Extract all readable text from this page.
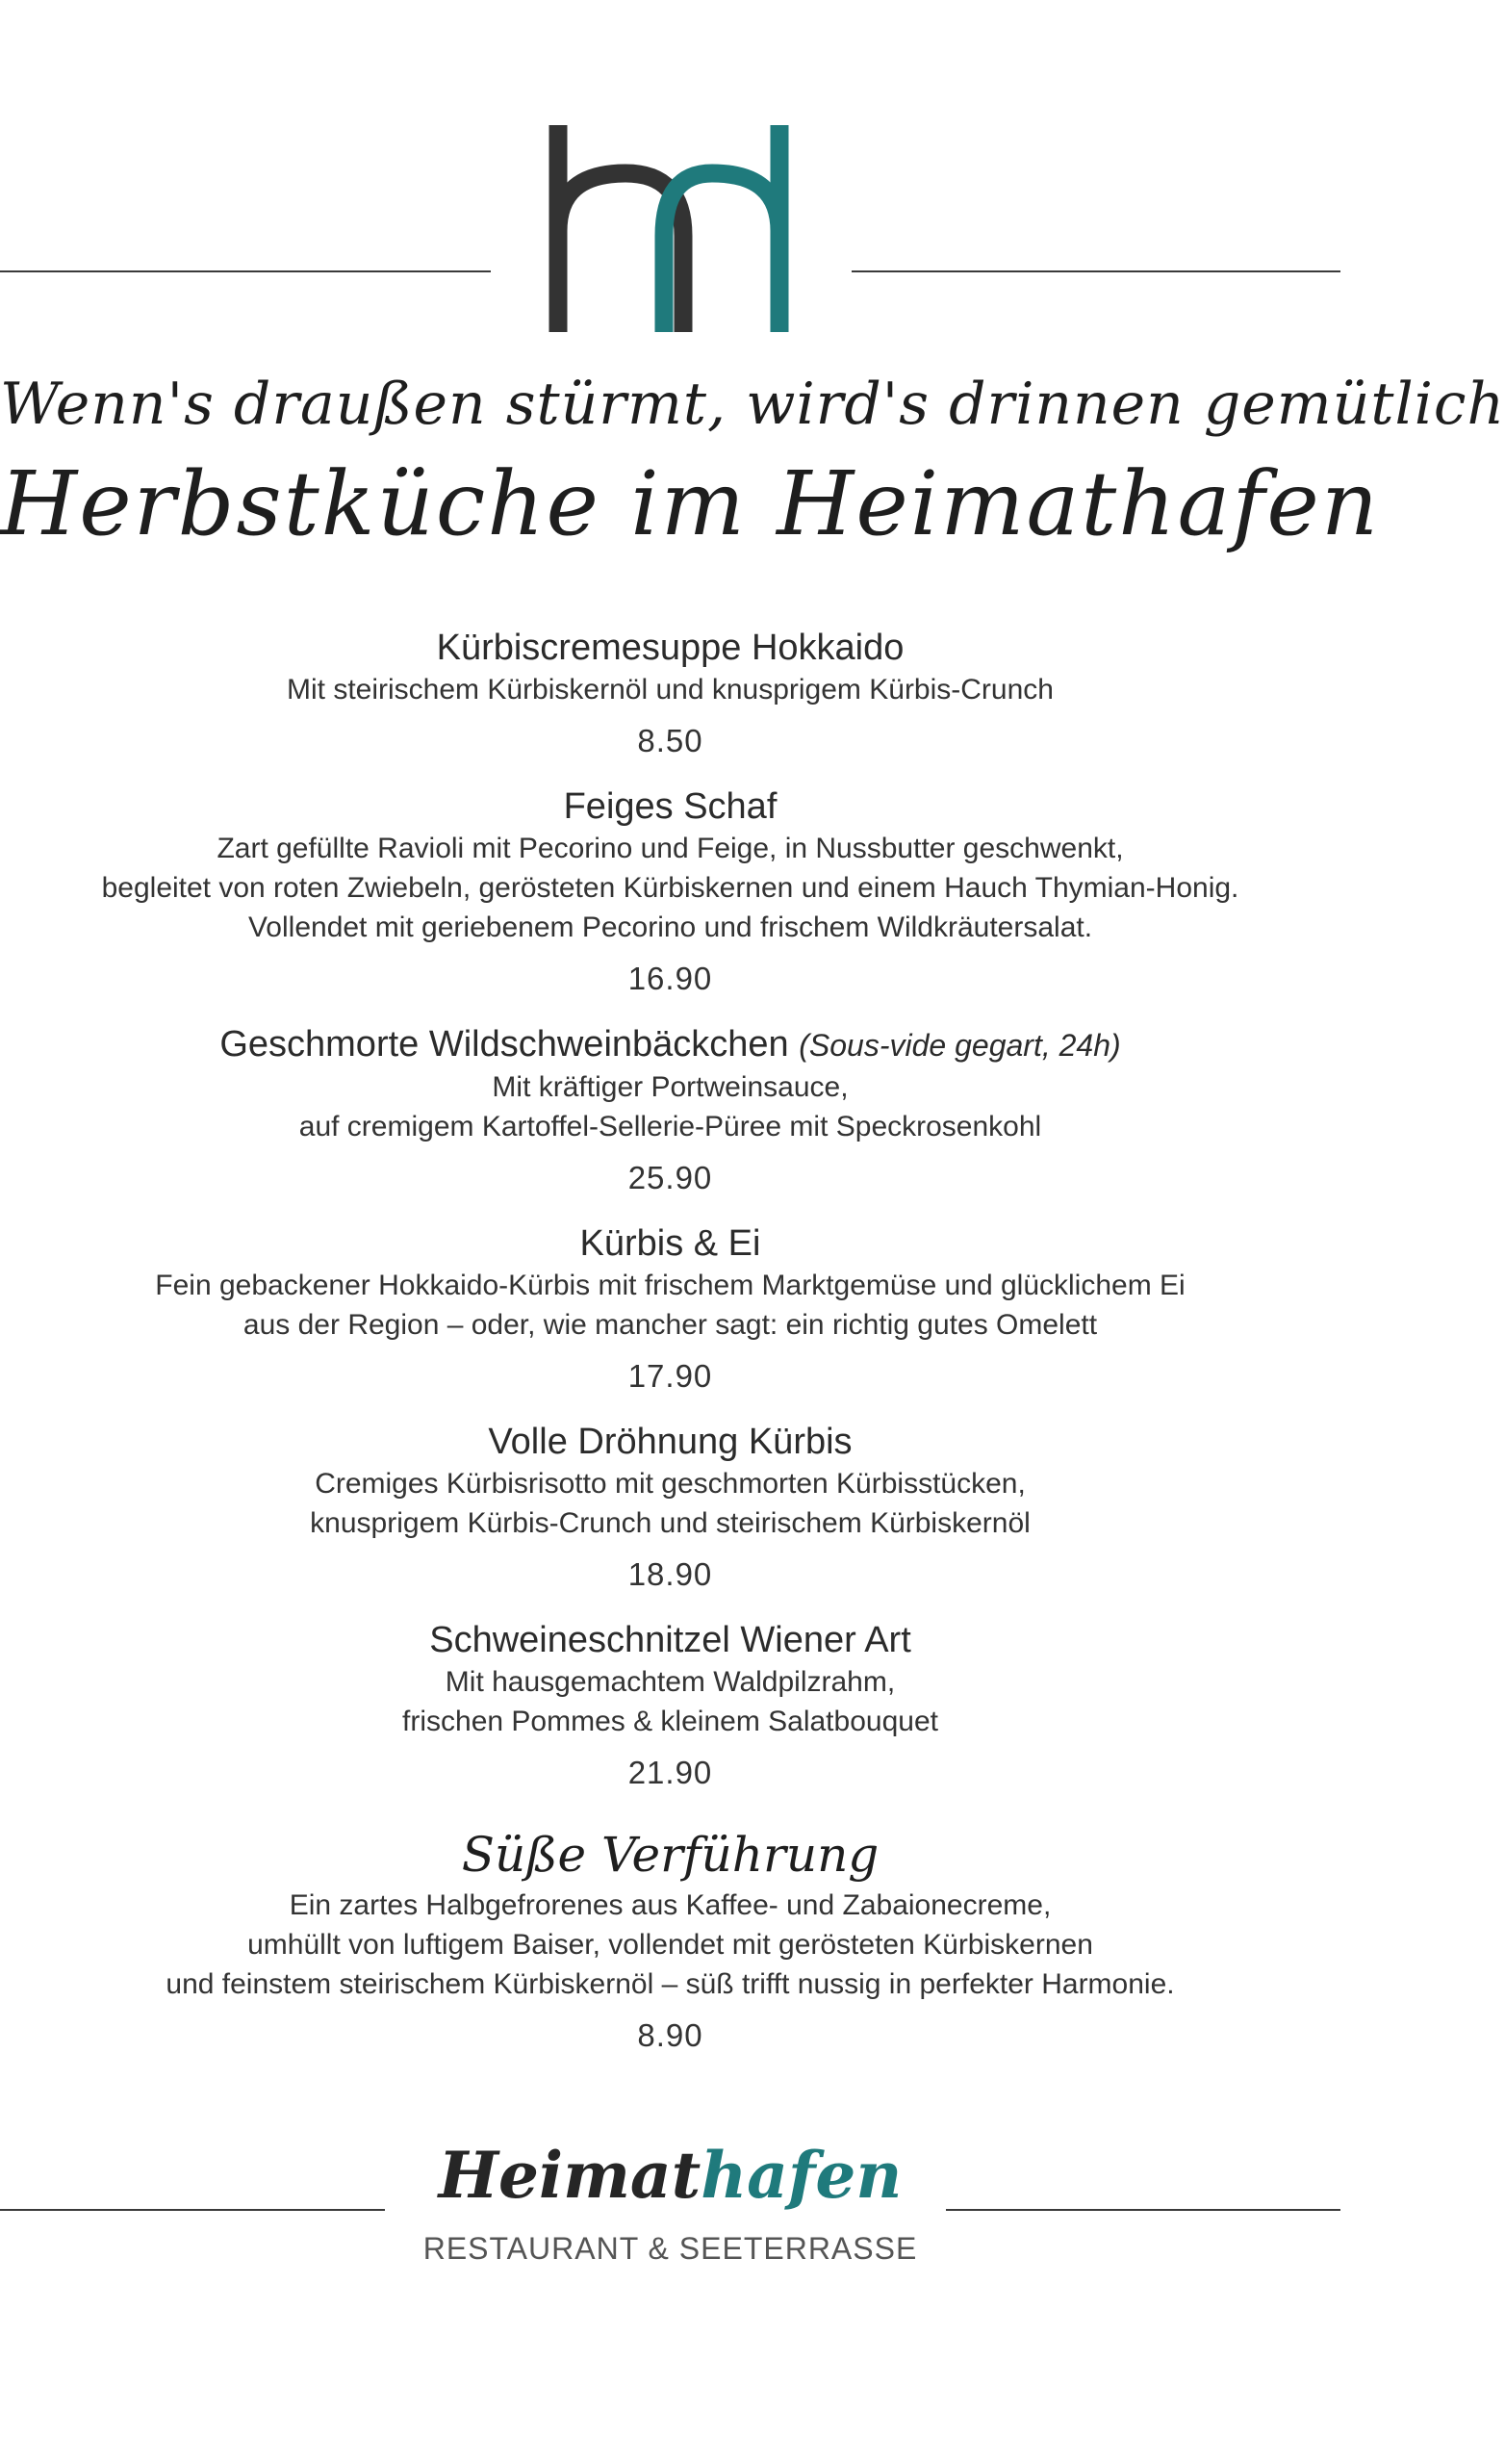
Wenn's draußen stürmt, wird's drinnen gemütlich
Herbstküche im Heimathafen
Kürbiscremesuppe Hokkaido
Mit steirischem Kürbiskernöl und knusprigem Kürbis-Crunch
8.50
Feiges Schaf
Zart gefüllte Ravioli mit Pecorino und Feige, in Nussbutter geschwenkt,
begleitet von roten Zwiebeln, gerösteten Kürbiskernen und einem Hauch Thymian-Honig.
Vollendet mit geriebenem Pecorino und frischem Wildkräutersalat.
16.90
Geschmorte Wildschweinbäckchen (Sous-vide gegart, 24h)
Mit kräftiger Portweinsauce,
auf cremigem Kartoffel-Sellerie-Püree mit Speckrosenkohl
25.90
Kürbis & Ei
Fein gebackener Hokkaido-Kürbis mit frischem Marktgemüse und glücklichem Ei
aus der Region – oder, wie mancher sagt: ein richtig gutes Omelett
17.90
Volle Dröhnung Kürbis
Cremiges Kürbisrisotto mit geschmorten Kürbisstücken,
knusprigem Kürbis-Crunch und steirischem Kürbiskernöl
18.90
Schweineschnitzel Wiener Art
Mit hausgemachtem Waldpilzrahm,
frischen Pommes & kleinem Salatbouquet
21.90
Süße Verführung
Ein zartes Halbgefrorenes aus Kaffee- und Zabaionecreme,
umhüllt von luftigem Baiser, vollendet mit gerösteten Kürbiskernen
und feinstem steirischem Kürbiskernöl – süß trifft nussig in perfekter Harmonie.
8.90
Heimathafen
RESTAURANT & SEETERRASSE
